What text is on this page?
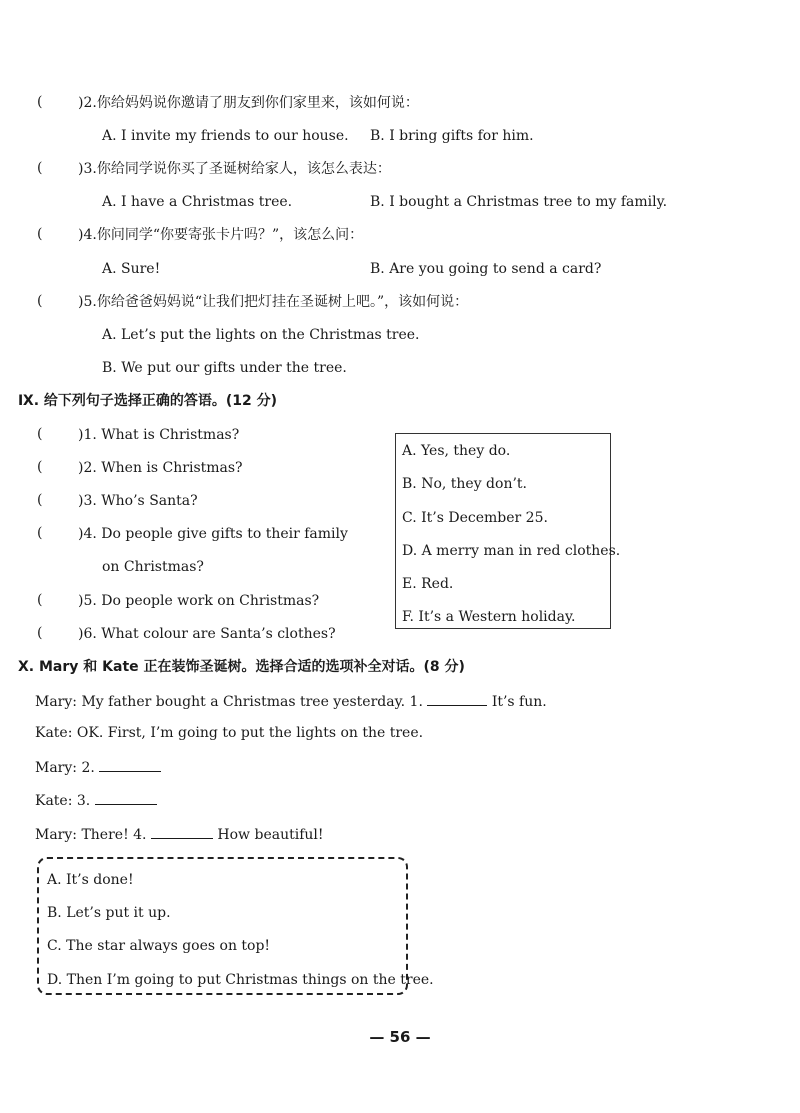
(	)2.你给妈妈说你邀请了朋友到你们家里来，该如何说：
A. I invite my friends to our house. B. I bring gifts for him.
(	)3.你给同学说你买了圣诞树给家人，该怎么表达：
A. I have a Christmas tree.	B. I bought a Christmas tree to my family.
(	)4.你问同学“你要寄张卡片吗？”，该怎么问：
A. Sure!	B. Are you going to send a card?
(	)5.你给爸爸妈妈说“让我们把灯挂在圣诞树上吧。”，该如何说：
A. Let’s put the lights on the Christmas tree.
B. We put our gifts under the tree.
Ⅸ. 给下列句子选择正确的答语。(12 分)
(	)1. What is Christmas?
(	)2. When is Christmas?
(	)3. Who’s Santa?
(	)4. Do people give gifts to their family
on Christmas?
(	)5. Do people work on Christmas?
(	)6. What colour are Santa’s clothes?
A. Yes, they do.
B. No, they don’t.
C. It’s December 25.
D. A merry man in red clothes.
E. Red.
F. It’s a Western holiday.
Ⅹ. Mary 和 Kate 正在装饰圣诞树。选择合适的选项补全对话。(8 分)
Mary: My father bought a Christmas tree yesterday. 1.	It’s fun.
Kate: OK. First, I’m going to put the lights on the tree.
Mary: 2.
Kate: 3.
Mary: There! 4.	How beautiful!
A. It’s done!
B. Let’s put it up.
C. The star always goes on top!
D. Then I’m going to put Christmas things on the tree.
— 56 —
